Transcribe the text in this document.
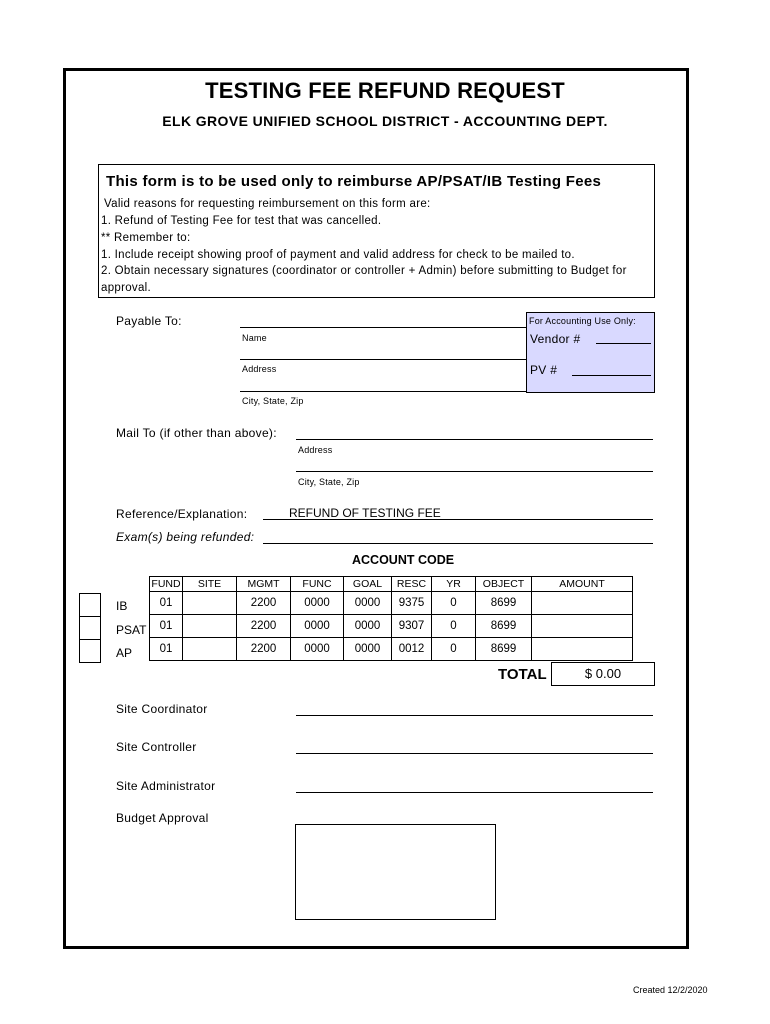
TESTING FEE REFUND REQUEST
ELK GROVE UNIFIED SCHOOL DISTRICT - ACCOUNTING DEPT.
This form is to be used only to reimburse AP/PSAT/IB Testing Fees
Valid reasons for requesting reimbursement on this form are:
1. Refund of Testing Fee for test that was cancelled.
** Remember to:
1. Include receipt showing proof of payment and valid address for check to be mailed to.
2. Obtain necessary signatures (coordinator or controller + Admin) before submitting to Budget for
approval.
Payable To:
Name
Address
City, State, Zip
For Accounting Use Only:
Vendor #
PV #
Mail To (if other than above):
Address
City, State, Zip
Reference/Explanation:	REFUND OF TESTING FEE
Exam(s) being refunded:
ACCOUNT CODE
FUND	SITE	MGMT	FUNC	GOAL	RESC	YR	OBJECT	AMOUNT
01		2200	0000	0000	9375	0	8699	
01		2200	0000	0000	9307	0	8699	
01		2200	0000	0000	0012	0	8699	
IB
PSAT
AP
TOTAL	$ 0.00
Site Coordinator
Site Controller
Site Administrator
Budget Approval
Created 12/2/2020
